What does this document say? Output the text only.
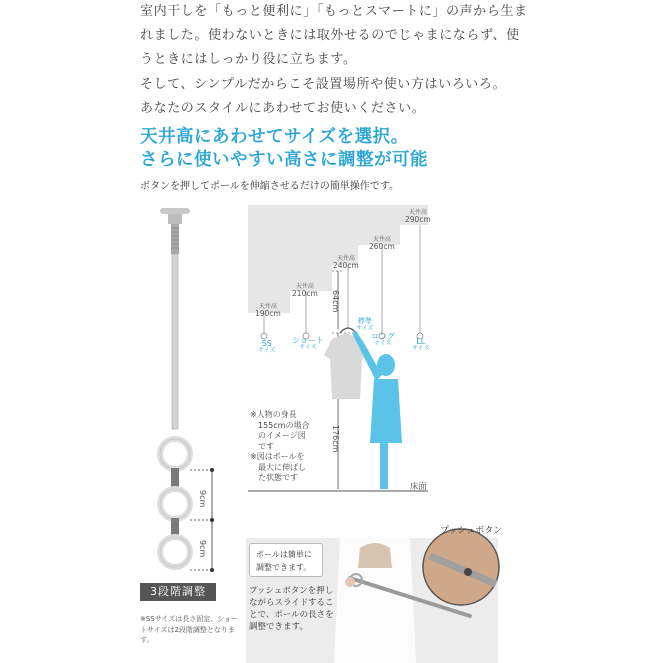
室内干しを「もっと便利に」「もっとスマートに」の声から生ま

れました。使わないときには取外せるのでじゃまにならず、使

うときにはしっかり役に立ちます。

そして、シンプルだからこそ設置場所や使い方はいろいろ。

あなたのスタイルにあわせてお使いください。

天井高にあわせてサイズを選択。
さらに使いやすい高さに調整が可能
ボタンを押してポールを伸縮させるだけの簡単操作です。
9cm
9cm
3段階調整
※SSサイズは長さ固定、ショートサイズは2段階調整となります。
天井高
190cm
天井高
210cm
天井高
240cm
天井高
260cm
天井高
290cm
SS
サイズ
ショート
サイズ
標準
サイズ
ロング
サイズ	LL
サイズ
64cm
176cm
床面
※人物の身長
155cmの場合
のイメージ図
です
※図はポールを
最大に伸ばし
た状態です
プッシュボタン
ポールは簡単に調整できます。
プッシュボタンを押しながらスライドすることで、ポールの長さを調整できます。
